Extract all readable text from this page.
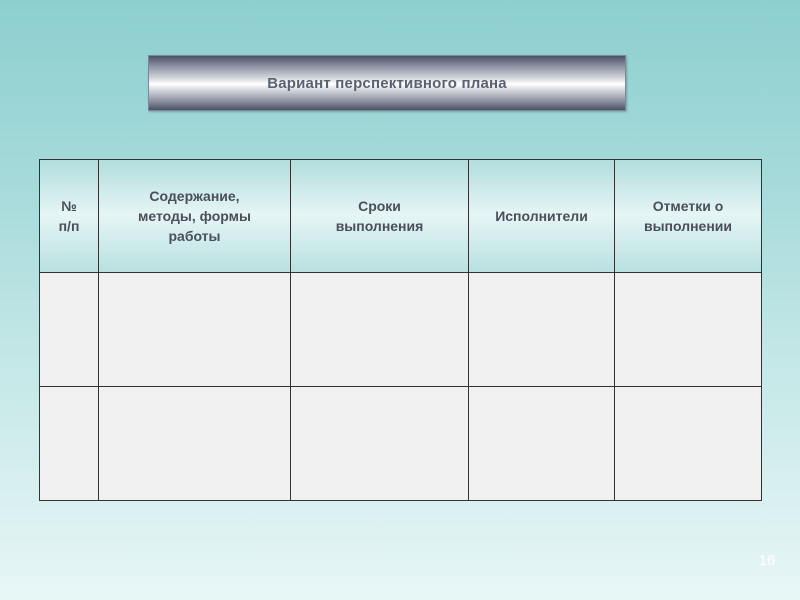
Вариант перспективного плана
№
п/п	Содержание,
методы, формы
работы	Сроки
выполнения	Исполнители	Отметки о
выполнении

16
